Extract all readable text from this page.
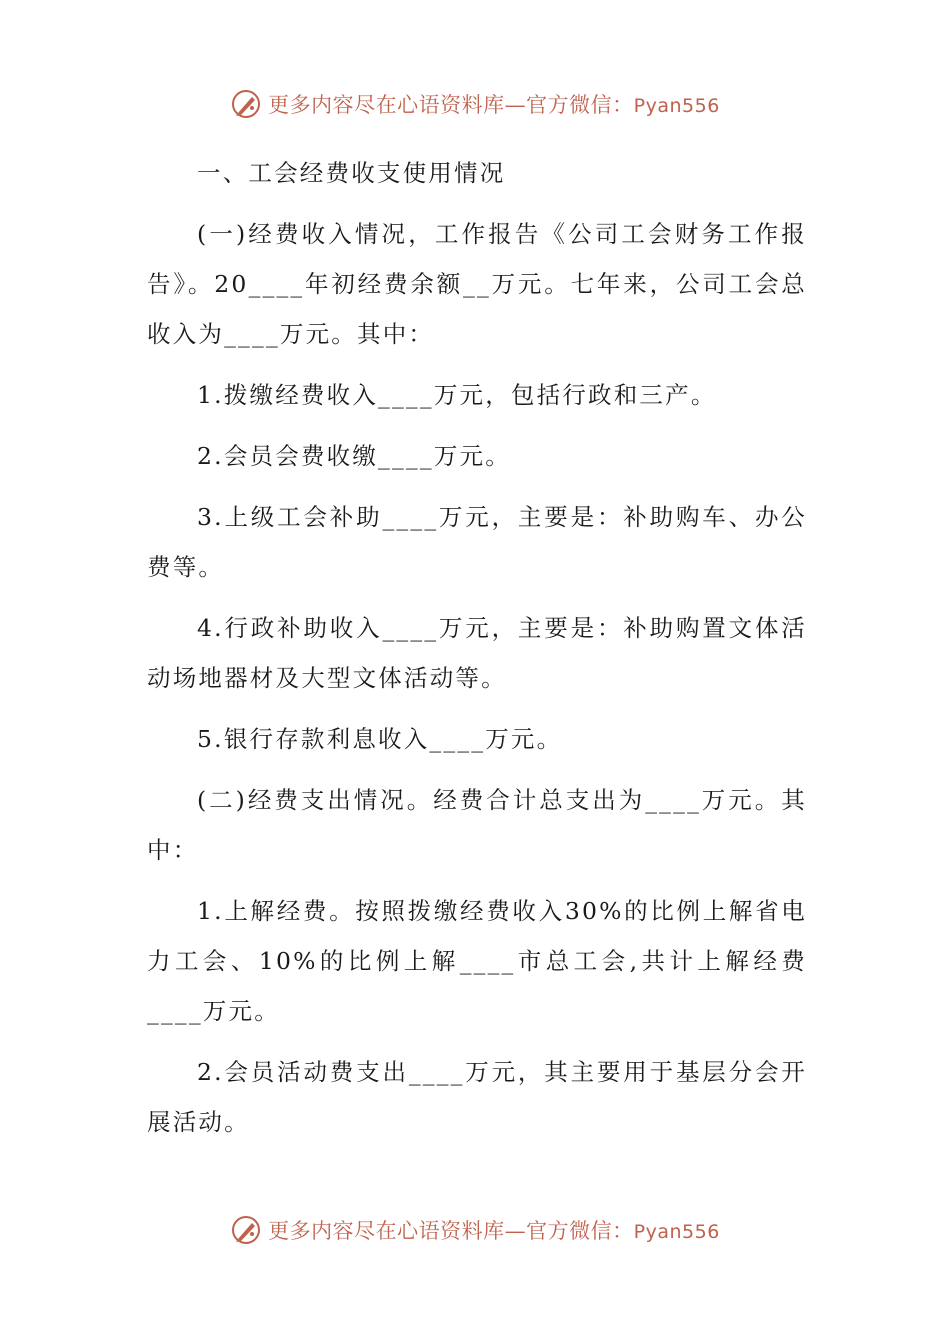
更多内容尽在心语资料库—官方微信：Pyan556

一、工会经费收支使用情况

(一)经费收入情况，工作报告《公司工会财务工作报告》。20____年初经费余额__万元。七年来，公司工会总收入为____万元。其中：

1.拨缴经费收入____万元，包括行政和三产。

2.会员会费收缴____万元。

3.上级工会补助____万元，主要是：补助购车、办公费等。

4.行政补助收入____万元，主要是：补助购置文体活动场地器材及大型文体活动等。

5.银行存款利息收入____万元。

(二)经费支出情况。经费合计总支出为____万元。其中：

1.上解经费。按照拨缴经费收入30%的比例上解省电力工会、10%的比例上解____市总工会,共计上解经费____万元。

2.会员活动费支出____万元，其主要用于基层分会开展活动。

更多内容尽在心语资料库—官方微信：Pyan556
